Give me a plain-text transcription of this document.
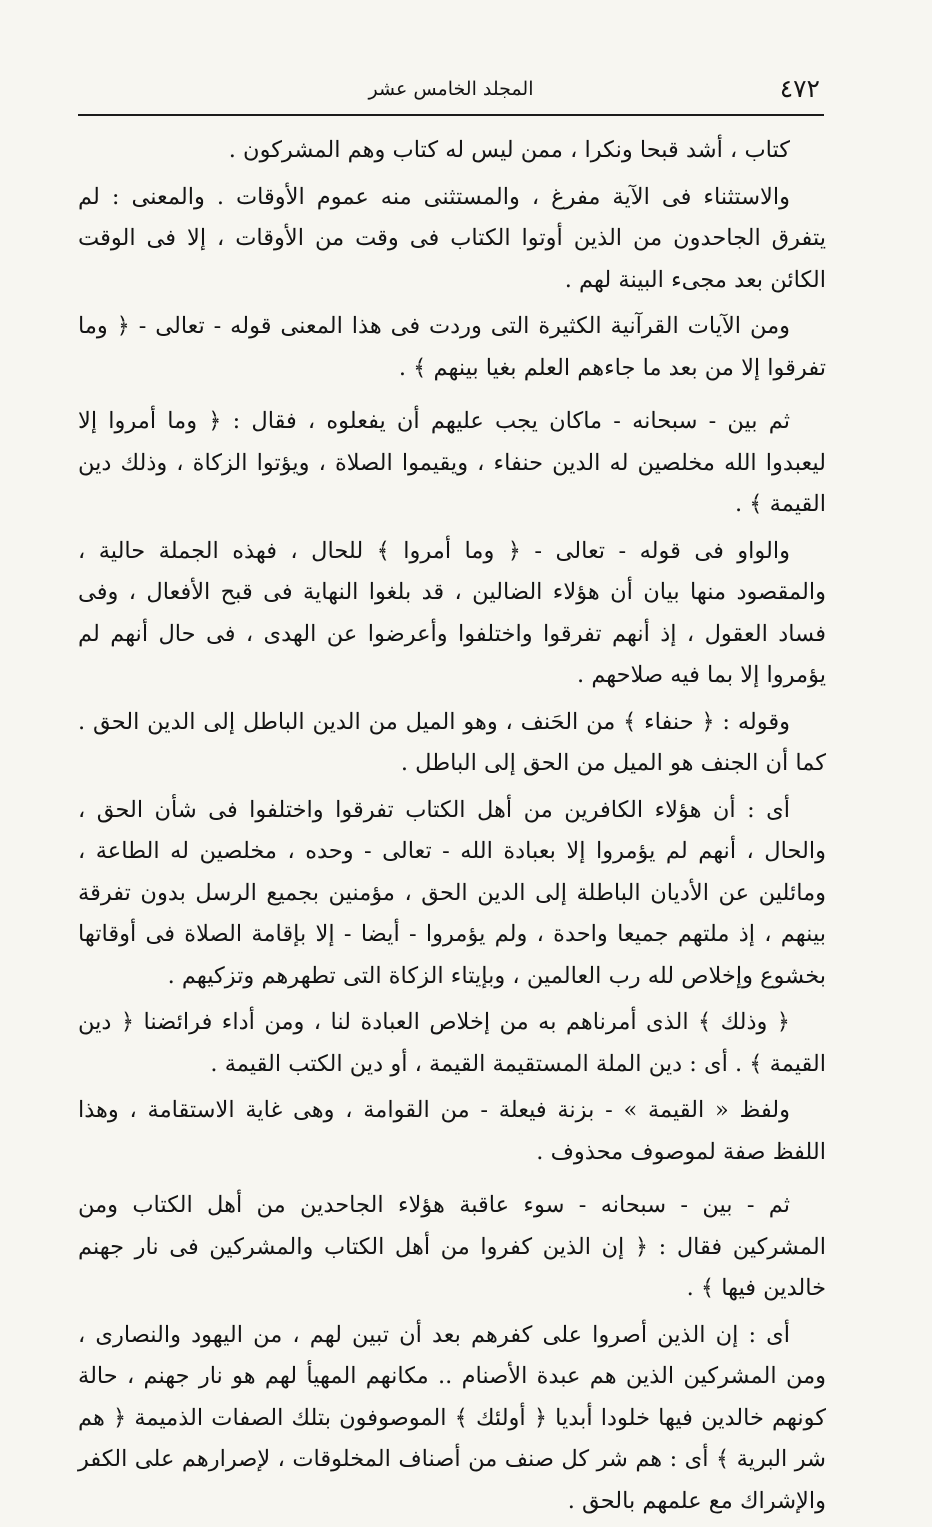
٤٧٢
المجلد الخامس عشر

كتاب ، أشد قبحا ونكرا ، ممن ليس له كتاب وهم المشركون .

والاستثناء فى الآية مفرغ ، والمستثنى منه عموم الأوقات . والمعنى : لم يتفرق الجاحدون من الذين أوتوا الكتاب فى وقت من الأوقات ، إلا فى الوقت الكائن بعد مجىء البينة لهم .

ومن الآيات القرآنية الكثيرة التى وردت فى هذا المعنى قوله - تعالى - ﴿ وما تفرقوا إلا من بعد ما جاءهم العلم بغيا بينهم ﴾ .

ثم بين - سبحانه - ماكان يجب عليهم أن يفعلوه ، فقال : ﴿ وما أمروا إلا ليعبدوا الله مخلصين له الدين حنفاء ، ويقيموا الصلاة ، ويؤتوا الزكاة ، وذلك دين القيمة ﴾ .

والواو فى قوله - تعالى - ﴿ وما أمروا ﴾ للحال ، فهذه الجملة حالية ، والمقصود منها بيان أن هؤلاء الضالين ، قد بلغوا النهاية فى قبح الأفعال ، وفى فساد العقول ، إذ أنهم تفرقوا واختلفوا وأعرضوا عن الهدى ، فى حال أنهم لم يؤمروا إلا بما فيه صلاحهم .

وقوله : ﴿ حنفاء ﴾ من الحَنف ، وهو الميل من الدين الباطل إلى الدين الحق . كما أن الجنف هو الميل من الحق إلى الباطل .

أى : أن هؤلاء الكافرين من أهل الكتاب تفرقوا واختلفوا فى شأن الحق ، والحال ، أنهم لم يؤمروا إلا بعبادة الله - تعالى - وحده ، مخلصين له الطاعة ، ومائلين عن الأديان الباطلة إلى الدين الحق ، مؤمنين بجميع الرسل بدون تفرقة بينهم ، إذ ملتهم جميعا واحدة ، ولم يؤمروا - أيضا - إلا بإقامة الصلاة فى أوقاتها بخشوع وإخلاص لله رب العالمين ، وبإيتاء الزكاة التى تطهرهم وتزكيهم .

﴿ وذلك ﴾ الذى أمرناهم به من إخلاص العبادة لنا ، ومن أداء فرائضنا ﴿ دين القيمة ﴾ . أى : دين الملة المستقيمة القيمة ، أو دين الكتب القيمة .

ولفظ « القيمة » - بزنة فيعلة - من القوامة ، وهى غاية الاستقامة ، وهذا اللفظ صفة لموصوف محذوف .

ثم - بين - سبحانه - سوء عاقبة هؤلاء الجاحدين من أهل الكتاب ومن المشركين فقال : ﴿ إن الذين كفروا من أهل الكتاب والمشركين فى نار جهنم خالدين فيها ﴾ .

أى : إن الذين أصروا على كفرهم بعد أن تبين لهم ، من اليهود والنصارى ، ومن المشركين الذين هم عبدة الأصنام .. مكانهم المهيأ لهم هو نار جهنم ، حالة كونهم خالدين فيها خلودا أبديا ﴿ أولئك ﴾ الموصوفون بتلك الصفات الذميمة ﴿ هم شر البرية ﴾ أى : هم شر كل صنف من أصناف المخلوقات ، لإصرارهم على الكفر والإشراك مع علمهم بالحق .
